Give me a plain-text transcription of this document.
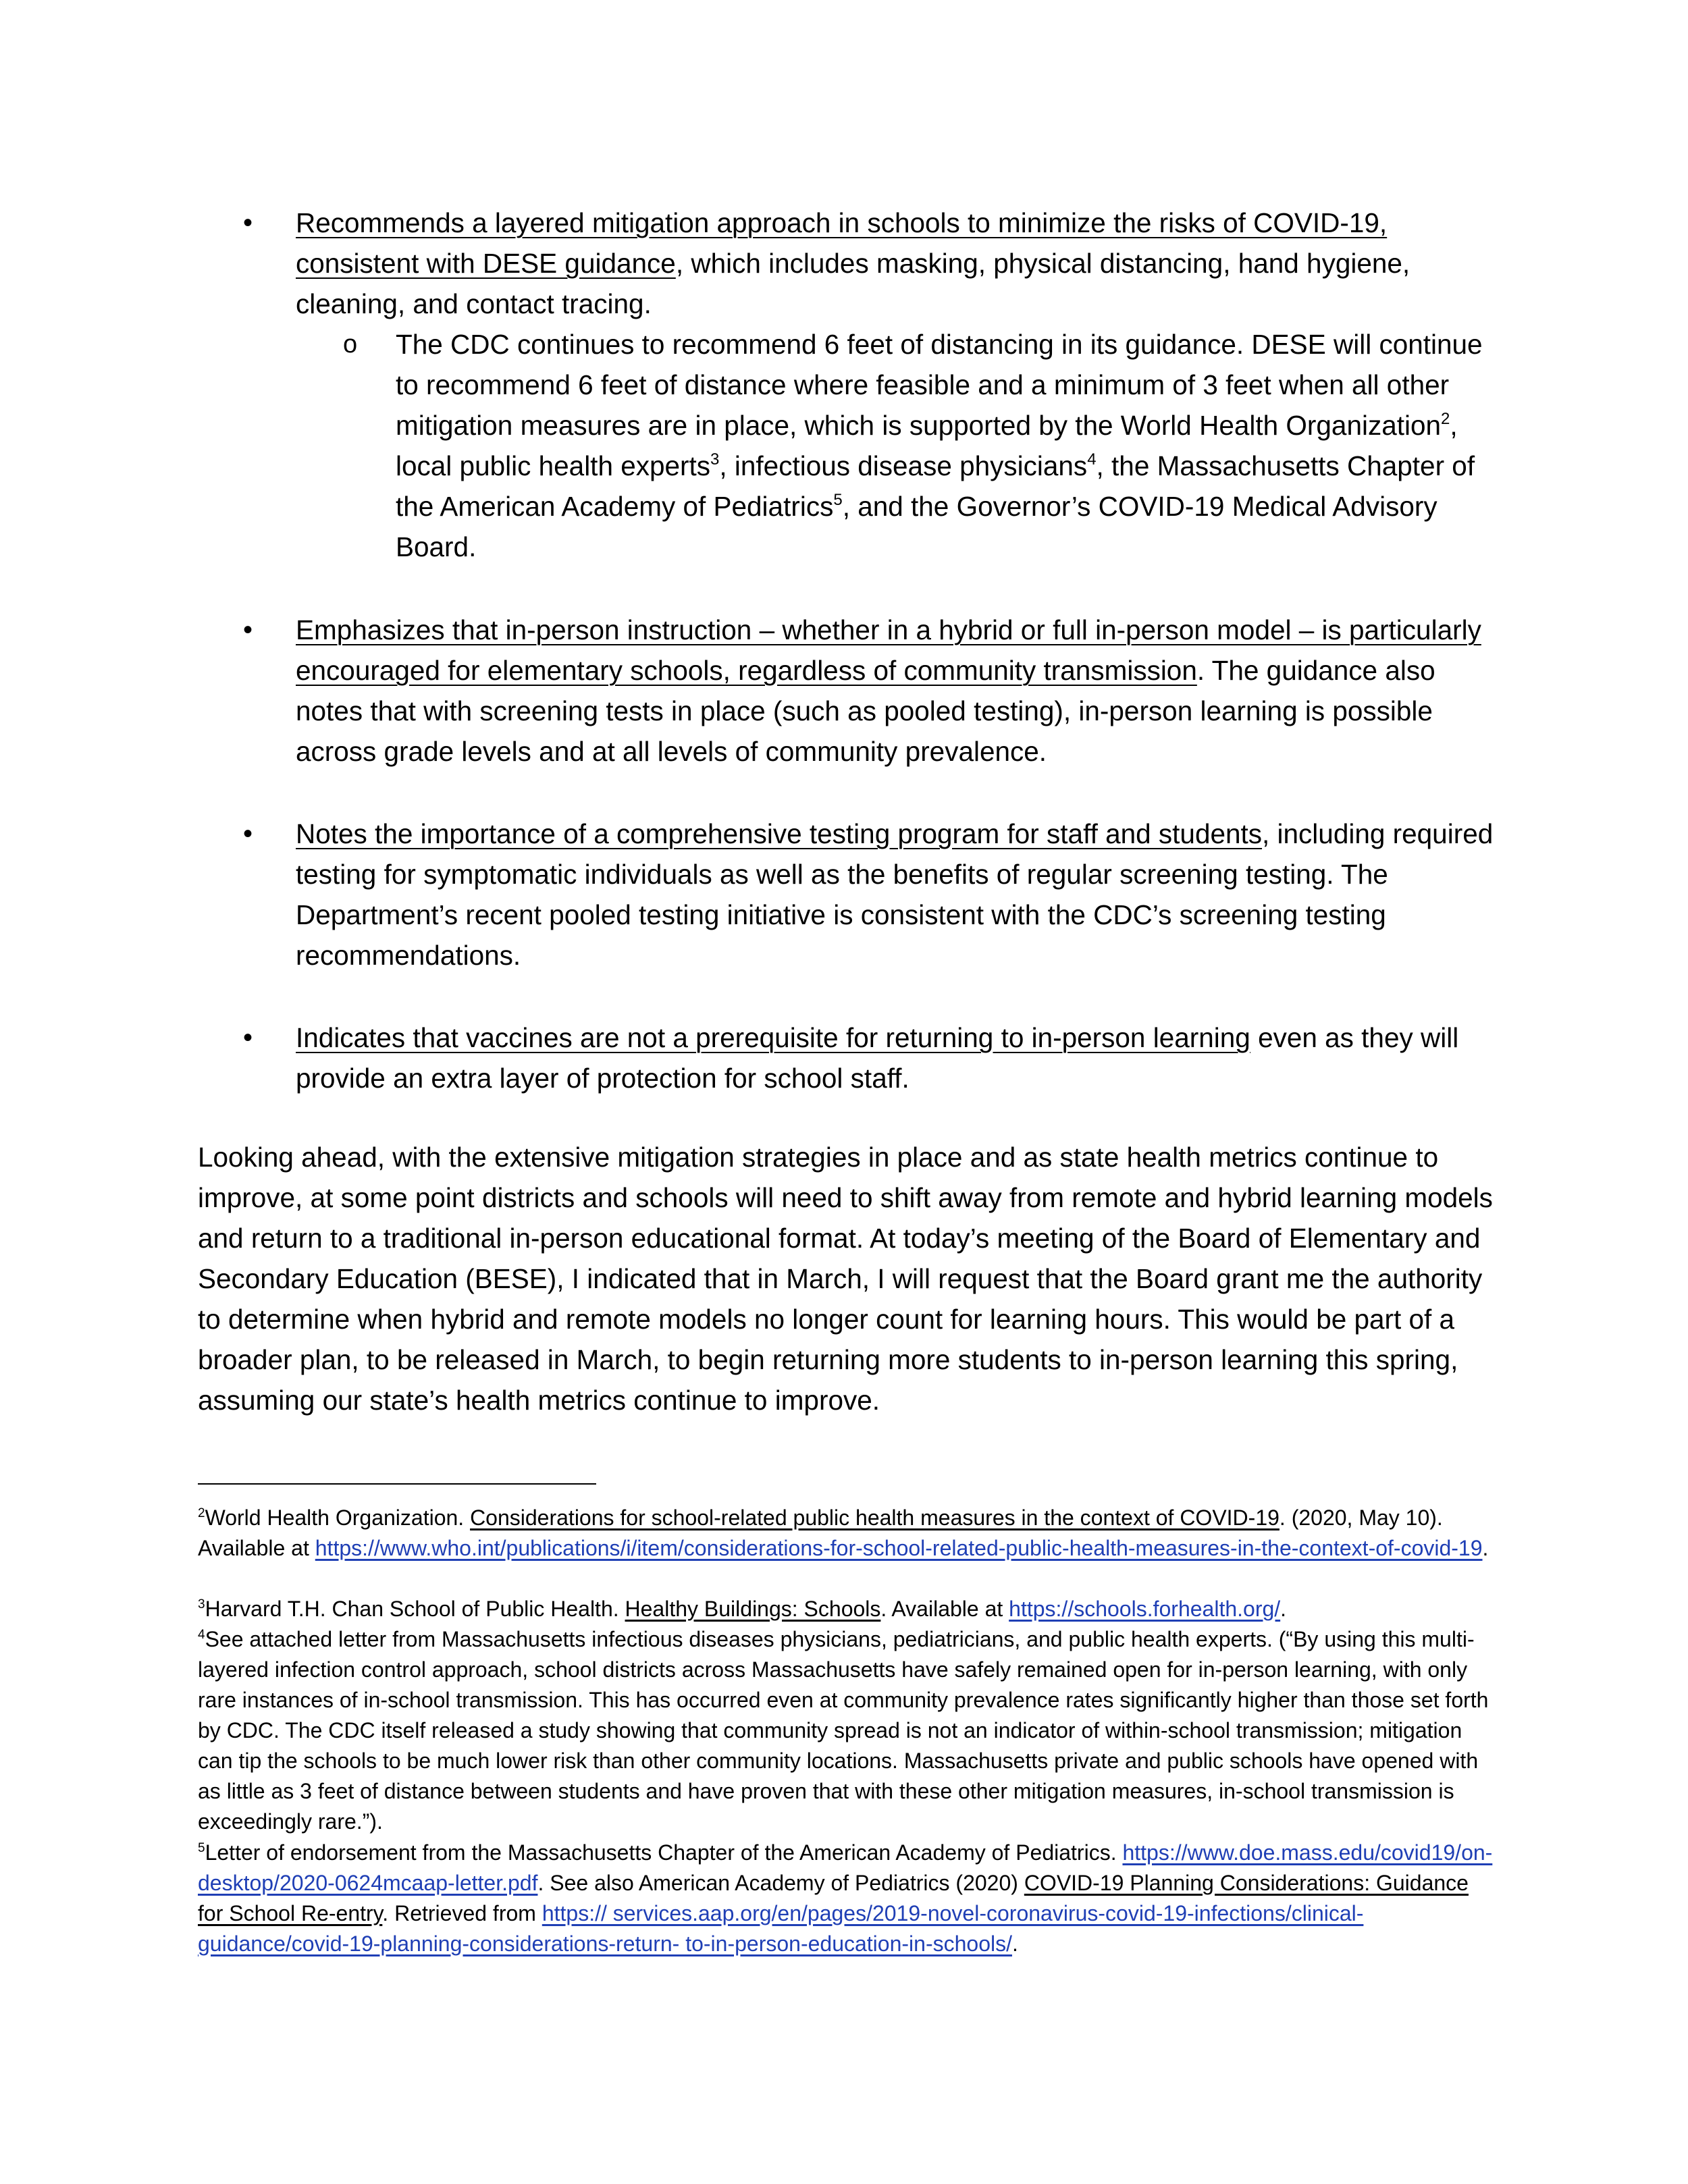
• Recommends a layered mitigation approach in schools to minimize the risks of COVID-19, consistent with DESE guidance, which includes masking, physical distancing, hand hygiene, cleaning, and contact tracing.
o The CDC continues to recommend 6 feet of distancing in its guidance. DESE will continue to recommend 6 feet of distance where feasible and a minimum of 3 feet when all other mitigation measures are in place, which is supported by the World Health Organization$^2$, local public health experts$^3$, infectious disease physicians$^4$, the Massachusetts Chapter of the American Academy of Pediatrics$^5$, and the Governor’s COVID-19 Medical Advisory Board.
• Emphasizes that in-person instruction – whether in a hybrid or full in-person model – is particularly encouraged for elementary schools, regardless of community transmission. The guidance also notes that with screening tests in place (such as pooled testing), in-person learning is possible across grade levels and at all levels of community prevalence.
• Notes the importance of a comprehensive testing program for staff and students, including required testing for symptomatic individuals as well as the benefits of regular screening testing. The Department’s recent pooled testing initiative is consistent with the CDC’s screening testing recommendations.
• Indicates that vaccines are not a prerequisite for returning to in-person learning even as they will provide an extra layer of protection for school staff.
Looking ahead, with the extensive mitigation strategies in place and as state health metrics continue to improve, at some point districts and schools will need to shift away from remote and hybrid learning models and return to a traditional in-person educational format. At today’s meeting of the Board of Elementary and Secondary Education (BESE), I indicated that in March, I will request that the Board grant me the authority to determine when hybrid and remote models no longer count for learning hours. This would be part of a broader plan, to be released in March, to begin returning more students to in-person learning this spring, assuming our state’s health metrics continue to improve.
$^2$World Health Organization. Considerations for school-related public health measures in the context of COVID-19. (2020, May 10). Available at https://www.who.int/publications/i/item/considerations-for-school-related-public-health-measures-in-the-context-of-covid-19.
$^3$Harvard T.H. Chan School of Public Health. Healthy Buildings: Schools. Available at https://schools.forhealth.org/.
$^4$See attached letter from Massachusetts infectious diseases physicians, pediatricians, and public health experts. (“By using this multi-layered infection control approach, school districts across Massachusetts have safely remained open for in-person learning, with only rare instances of in-school transmission. This has occurred even at community prevalence rates significantly higher than those set forth by CDC. The CDC itself released a study showing that community spread is not an indicator of within-school transmission; mitigation can tip the schools to be much lower risk than other community locations. Massachusetts private and public schools have opened with as little as 3 feet of distance between students and have proven that with these other mitigation measures, in-school transmission is exceedingly rare.”).
$^5$Letter of endorsement from the Massachusetts Chapter of the American Academy of Pediatrics. https://www.doe.mass.edu/covid19/on-desktop/2020-0624mcaap-letter.pdf. See also American Academy of Pediatrics (2020) COVID-19 Planning Considerations: Guidance for School Re-entry. Retrieved from https:// services.aap.org/en/pages/2019-novel-coronavirus-covid-19-infections/clinical-guidance/covid-19-planning-considerations-return- to-in-person-education-in-schools/.
